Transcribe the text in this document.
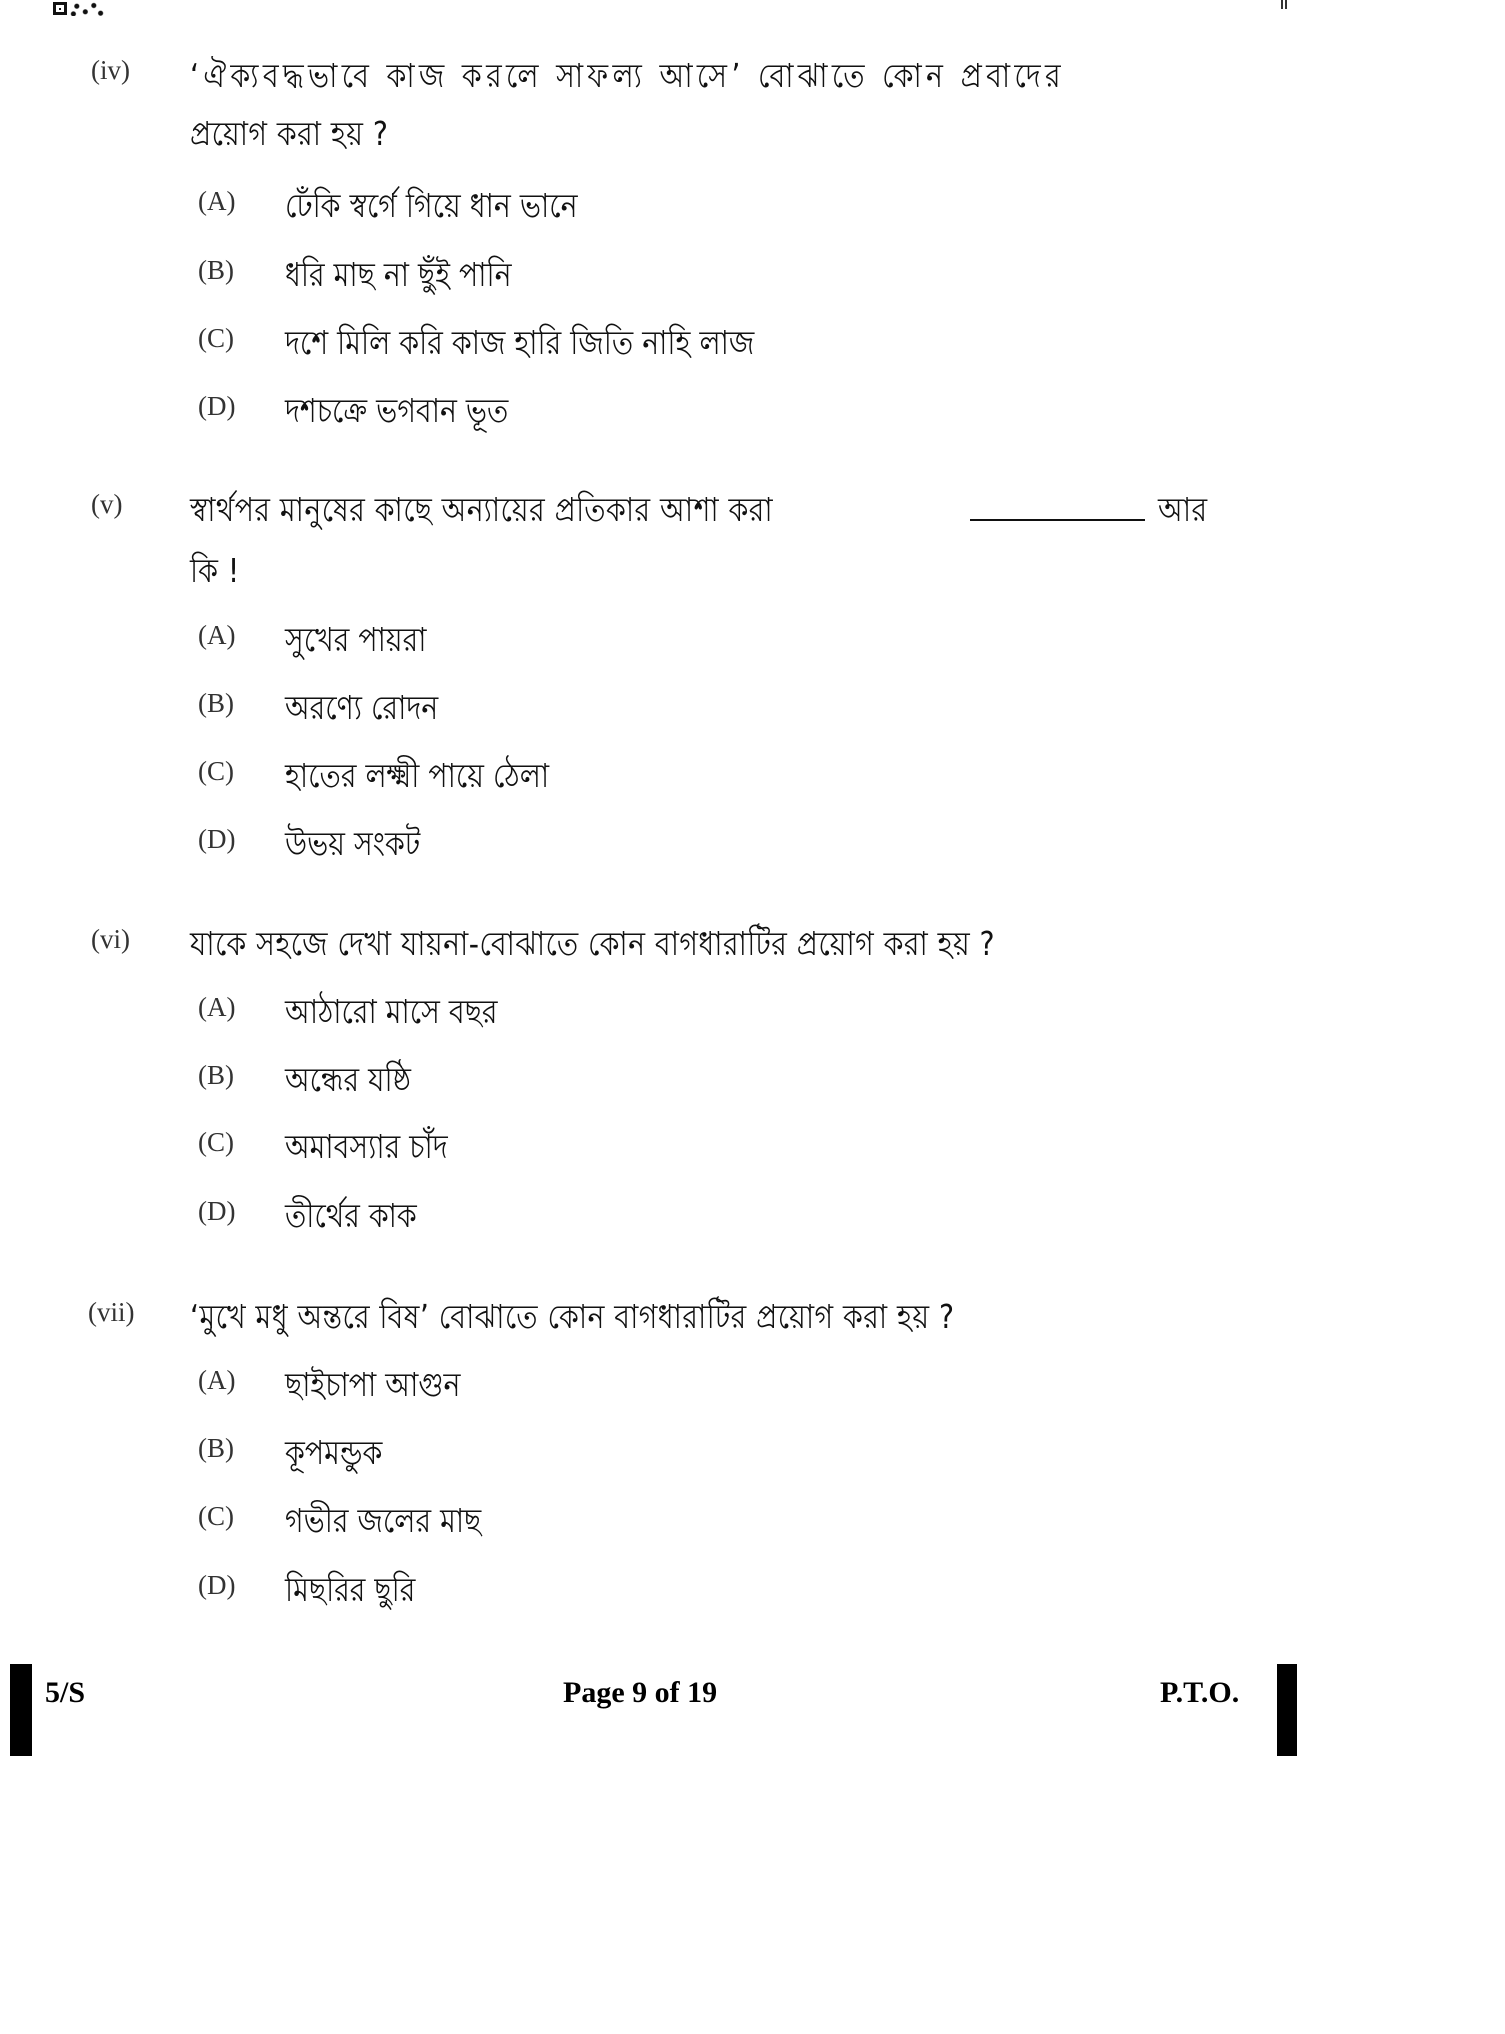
(iv) ‘ঐক্যবদ্ধভাবে কাজ করলে সাফল্য আসে’ বোঝাতে কোন প্রবাদের
প্রয়োগ করা হয় ?
(A) ঢেঁকি স্বর্গে গিয়ে ধান ভানে
(B) ধরি মাছ না ছুঁই পানি
(C) দশে মিলি করি কাজ হারি জিতি নাহি লাজ
(D) দশচক্রে ভগবান ভূত
(v) স্বার্থপর মানুষের কাছে অন্যায়ের প্রতিকার আশা করা	আর
কি !
(A) সুখের পায়রা
(B) অরণ্যে রোদন
(C) হাতের লক্ষ্মী পায়ে ঠেলা
(D) উভয় সংকট
(vi) যাকে সহজে দেখা যায়না-বোঝাতে কোন বাগধারাটির প্রয়োগ করা হয় ?
(A) আঠারো মাসে বছর
(B) অন্ধের যষ্ঠি
(C) অমাবস্যার চাঁদ
(D) তীর্থের কাক
(vii) ‘মুখে মধু অন্তরে বিষ’ বোঝাতে কোন বাগধারাটির প্রয়োগ করা হয় ?
(A) ছাইচাপা আগুন
(B) কূপমন্ডুক
(C) গভীর জলের মাছ
(D) মিছরির ছুরি
5/S	Page 9 of 19	P.T.O.
